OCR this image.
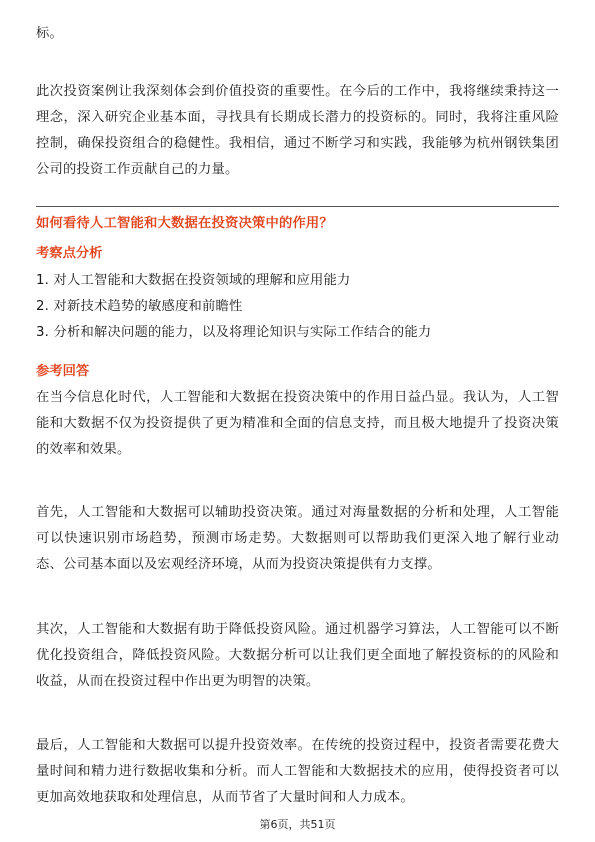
标。

此次投资案例让我深刻体会到价值投资的重要性。在今后的工作中，我将继续秉持这一理念，深入研究企业基本面，寻找具有长期成长潜力的投资标的。同时，我将注重风险控制，确保投资组合的稳健性。我相信，通过不断学习和实践，我能够为杭州钢铁集团公司的投资工作贡献自己的力量。

如何看待人工智能和大数据在投资决策中的作用？

考察点分析

1. 对人工智能和大数据在投资领域的理解和应用能力
2. 对新技术趋势的敏感度和前瞻性
3. 分析和解决问题的能力，以及将理论知识与实际工作结合的能力

参考回答

在当今信息化时代，人工智能和大数据在投资决策中的作用日益凸显。我认为，人工智能和大数据不仅为投资提供了更为精准和全面的信息支持，而且极大地提升了投资决策的效率和效果。

首先，人工智能和大数据可以辅助投资决策。通过对海量数据的分析和处理，人工智能可以快速识别市场趋势，预测市场走势。大数据则可以帮助我们更深入地了解行业动态、公司基本面以及宏观经济环境，从而为投资决策提供有力支撑。

其次，人工智能和大数据有助于降低投资风险。通过机器学习算法，人工智能可以不断优化投资组合，降低投资风险。大数据分析可以让我们更全面地了解投资标的的风险和收益，从而在投资过程中作出更为明智的决策。

最后，人工智能和大数据可以提升投资效率。在传统的投资过程中，投资者需要花费大量时间和精力进行数据收集和分析。而人工智能和大数据技术的应用，使得投资者可以更加高效地获取和处理信息，从而节省了大量时间和人力成本。

第6页，共51页
